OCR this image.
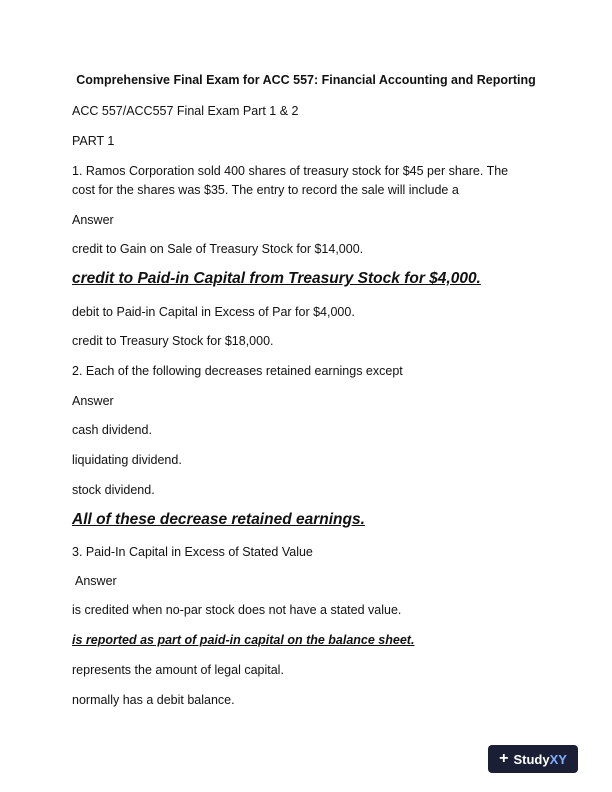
Comprehensive Final Exam for ACC 557: Financial Accounting and Reporting

ACC 557/ACC557 Final Exam Part 1 & 2

PART 1

1. Ramos Corporation sold 400 shares of treasury stock for $45 per share. The

cost for the shares was $35. The entry to record the sale will include a

Answer

credit to Gain on Sale of Treasury Stock for $14,000.

credit to Paid-in Capital from Treasury Stock for $4,000.

debit to Paid-in Capital in Excess of Par for $4,000.

credit to Treasury Stock for $18,000.

2. Each of the following decreases retained earnings except

Answer

cash dividend.

liquidating dividend.

stock dividend.

All of these decrease retained earnings.

3. Paid-In Capital in Excess of Stated Value

Answer

is credited when no-par stock does not have a stated value.

is reported as part of paid-in capital on the balance sheet.

represents the amount of legal capital.

normally has a debit balance.

+ Study XY
